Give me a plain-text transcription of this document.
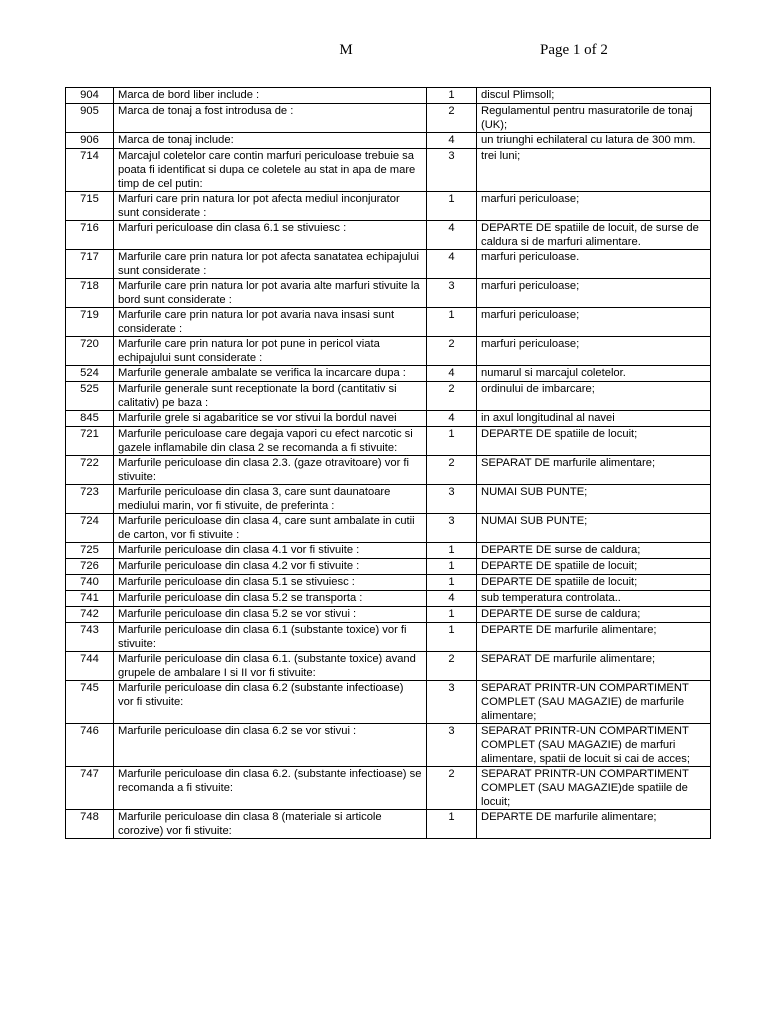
M	Page 1 of 2
904	Marca de bord liber include :	1	discul Plimsoll;
905	Marca de tonaj a fost introdusa de :	2	Regulamentul pentru masuratorile de tonaj (UK);
906	Marca de tonaj include:	4	un triunghi echilateral cu latura de 300 mm.
714	Marcajul coletelor care contin marfuri periculoase trebuie sa poata fi identificat si dupa ce coletele au stat in apa de mare timp de cel putin:	3	trei luni;
715	Marfuri care prin natura lor pot afecta mediul inconjurator sunt considerate :	1	marfuri periculoase;
716	Marfuri periculoase din clasa 6.1 se stivuiesc :	4	DEPARTE DE spatiile de locuit, de surse de caldura si de marfuri alimentare.
717	Marfurile care prin natura lor pot afecta sanatatea echipajului sunt considerate :	4	marfuri periculoase.
718	Marfurile care prin natura lor pot avaria alte marfuri stivuite la bord sunt considerate :	3	marfuri periculoase;
719	Marfurile care prin natura lor pot avaria nava insasi sunt considerate :	1	marfuri periculoase;
720	Marfurile care prin natura lor pot pune in pericol viata echipajului sunt considerate :	2	marfuri periculoase;
524	Marfurile generale ambalate se verifica la incarcare dupa :	4	numarul si marcajul coletelor.
525	Marfurile generale sunt receptionate la bord (cantitativ si calitativ) pe baza :	2	ordinului de imbarcare;
845	Marfurile grele si agabaritice se vor stivui la bordul navei	4	in axul longitudinal al navei
721	Marfurile periculoase care degaja vapori cu efect narcotic si gazele inflamabile din clasa 2 se recomanda a fi stivuite:	1	DEPARTE DE spatiile de locuit;
722	Marfurile periculoase din clasa 2.3. (gaze otravitoare) vor fi stivuite:	2	SEPARAT DE marfurile alimentare;
723	Marfurile periculoase din clasa 3, care sunt daunatoare mediului marin, vor fi stivuite, de preferinta :	3	NUMAI SUB PUNTE;
724	Marfurile periculoase din clasa 4, care sunt ambalate in cutii de carton, vor fi stivuite :	3	NUMAI SUB PUNTE;
725	Marfurile periculoase din clasa 4.1 vor fi stivuite :	1	DEPARTE DE surse de caldura;
726	Marfurile periculoase din clasa 4.2 vor fi stivuite :	1	DEPARTE DE spatiile de locuit;
740	Marfurile periculoase din clasa 5.1 se stivuiesc :	1	DEPARTE DE spatiile de locuit;
741	Marfurile periculoase din clasa 5.2 se transporta :	4	sub temperatura controlata..
742	Marfurile periculoase din clasa 5.2 se vor stivui :	1	DEPARTE DE surse de caldura;
743	Marfurile periculoase din clasa 6.1 (substante toxice) vor fi stivuite:	1	DEPARTE DE marfurile alimentare;
744	Marfurile periculoase din clasa 6.1. (substante toxice) avand grupele de ambalare I si II vor fi stivuite:	2	SEPARAT DE marfurile alimentare;
745	Marfurile periculoase din clasa 6.2 (substante infectioase) vor fi stivuite:	3	SEPARAT PRINTR-UN COMPARTIMENT COMPLET (SAU MAGAZIE) de marfurile alimentare;
746	Marfurile periculoase din clasa 6.2 se vor stivui :	3	SEPARAT PRINTR-UN COMPARTIMENT COMPLET (SAU MAGAZIE) de marfuri alimentare, spatii de locuit si cai de acces;
747	Marfurile periculoase din clasa 6.2. (substante infectioase) se recomanda a fi stivuite:	2	SEPARAT PRINTR-UN COMPARTIMENT COMPLET (SAU MAGAZIE)de spatiile de locuit;
748	Marfurile periculoase din clasa 8 (materiale si articole corozive) vor fi stivuite:	1	DEPARTE DE marfurile alimentare;
